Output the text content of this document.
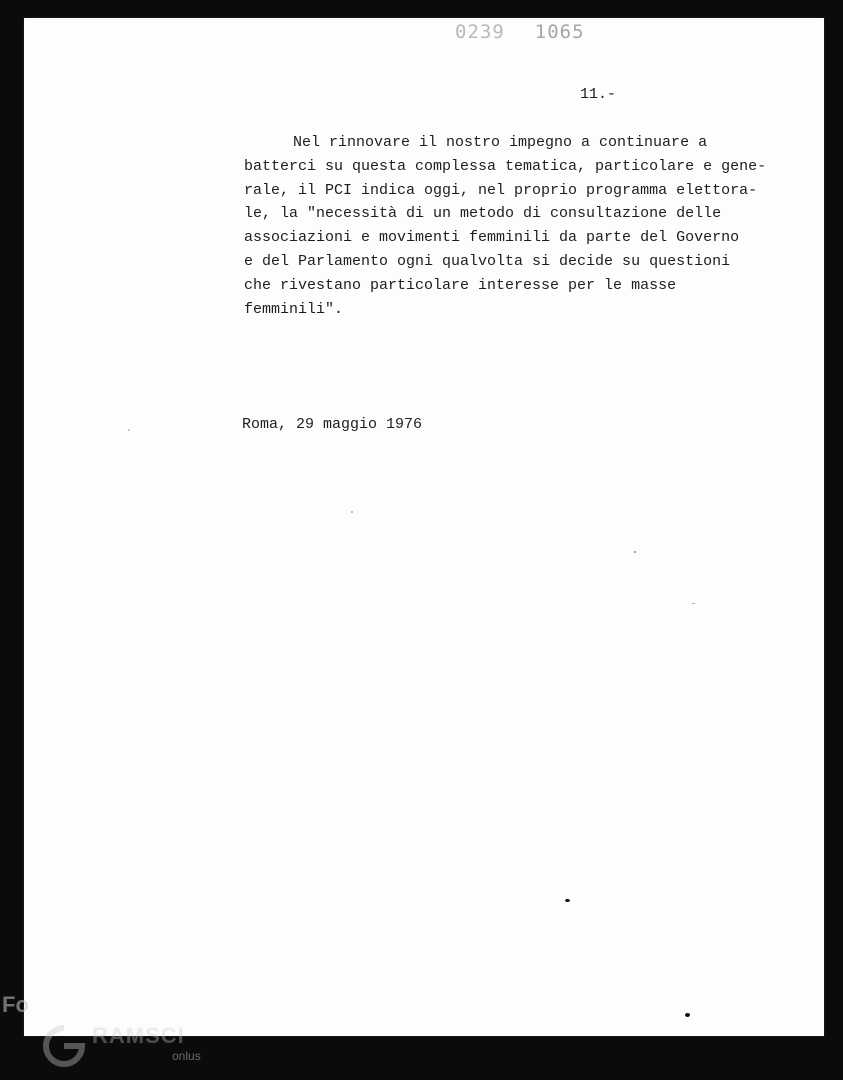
0239 1065
11.-
Nel rinnovare il nostro impegno a continuare a
batterci su questa complessa tematica, particolare e gene-
rale, il PCI indica oggi, nel proprio programma elettora-
le, la "necessità di un metodo di consultazione delle
associazioni e movimenti femminili da parte del Governo
e del Parlamento ogni qualvolta si decide su questioni
che rivestano particolare interesse per le masse
femminili".
Roma, 29 maggio 1976
Fo
RAMSCI
onlus
